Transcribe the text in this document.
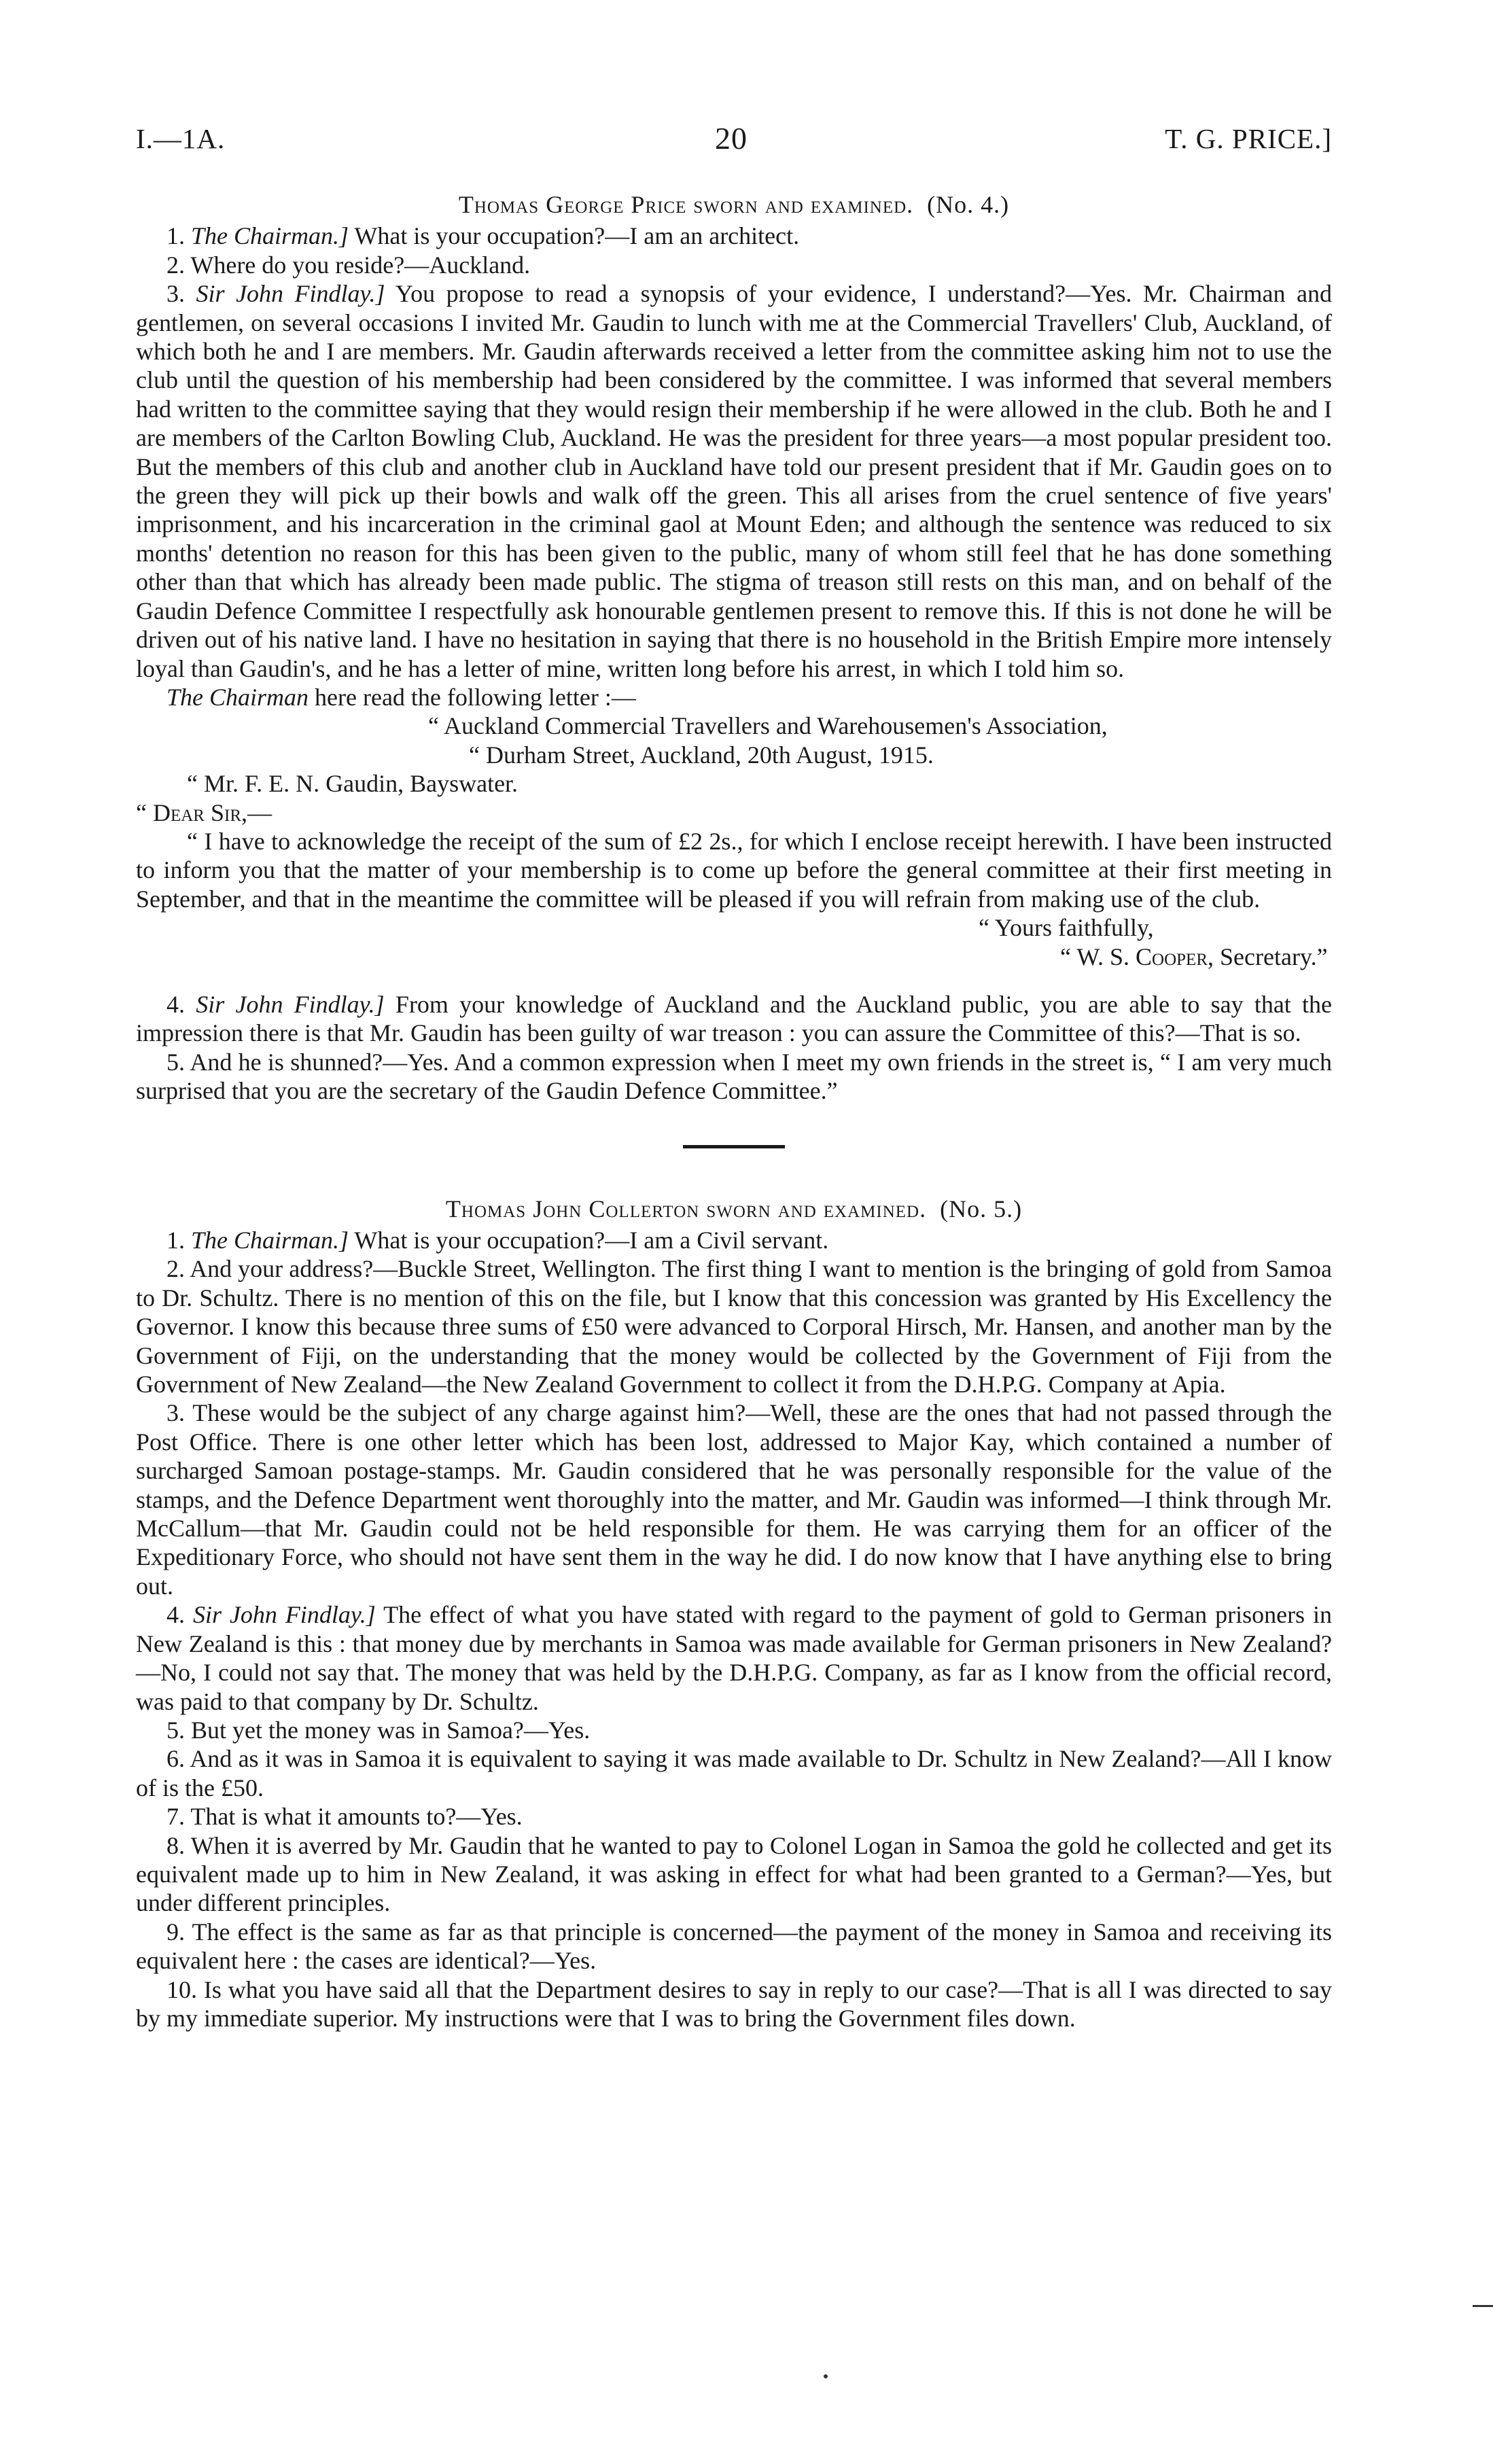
I.—1A.	20	T. G. PRICE.]
Thomas George Price sworn and examined. (No. 4.)

1. The Chairman.] What is your occupation?—I am an architect.

2. Where do you reside?—Auckland.

3. Sir John Findlay.] You propose to read a synopsis of your evidence, I understand?—Yes. Mr. Chairman and gentlemen, on several occasions I invited Mr. Gaudin to lunch with me at the Commercial Travellers' Club, Auckland, of which both he and I are members. Mr. Gaudin afterwards received a letter from the committee asking him not to use the club until the question of his membership had been considered by the committee. I was informed that several members had written to the committee saying that they would resign their membership if he were allowed in the club. Both he and I are members of the Carlton Bowling Club, Auckland. He was the president for three years—a most popular president too. But the members of this club and another club in Auckland have told our present president that if Mr. Gaudin goes on to the green they will pick up their bowls and walk off the green. This all arises from the cruel sentence of five years' imprisonment, and his incarceration in the criminal gaol at Mount Eden; and although the sentence was reduced to six months' detention no reason for this has been given to the public, many of whom still feel that he has done something other than that which has already been made public. The stigma of treason still rests on this man, and on behalf of the Gaudin Defence Committee I respectfully ask honourable gentlemen present to remove this. If this is not done he will be driven out of his native land. I have no hesitation in saying that there is no household in the British Empire more intensely loyal than Gaudin's, and he has a letter of mine, written long before his arrest, in which I told him so.

The Chairman here read the following letter :—

“ Auckland Commercial Travellers and Warehousemen's Association,
“ Durham Street, Auckland, 20th August, 1915.
“ Mr. F. E. N. Gaudin, Bayswater.
“ Dear Sir,—

“ I have to acknowledge the receipt of the sum of £2 2s., for which I enclose receipt herewith. I have been instructed to inform you that the matter of your membership is to come up before the general committee at their first meeting in September, and that in the meantime the committee will be pleased if you will refrain from making use of the club.

“ Yours faithfully,
“ W. S. Cooper, Secretary.”

4. Sir John Findlay.] From your knowledge of Auckland and the Auckland public, you are able to say that the impression there is that Mr. Gaudin has been guilty of war treason : you can assure the Committee of this?—That is so.

5. And he is shunned?—Yes. And a common expression when I meet my own friends in the street is, “ I am very much surprised that you are the secretary of the Gaudin Defence Committee.”

Thomas John Collerton sworn and examined. (No. 5.)

1. The Chairman.] What is your occupation?—I am a Civil servant.

2. And your address?—Buckle Street, Wellington. The first thing I want to mention is the bringing of gold from Samoa to Dr. Schultz. There is no mention of this on the file, but I know that this concession was granted by His Excellency the Governor. I know this because three sums of £50 were advanced to Corporal Hirsch, Mr. Hansen, and another man by the Government of Fiji, on the understanding that the money would be collected by the Government of Fiji from the Government of New Zealand—the New Zealand Government to collect it from the D.H.P.G. Company at Apia.

3. These would be the subject of any charge against him?—Well, these are the ones that had not passed through the Post Office. There is one other letter which has been lost, addressed to Major Kay, which contained a number of surcharged Samoan postage-stamps. Mr. Gaudin considered that he was personally responsible for the value of the stamps, and the Defence Department went thoroughly into the matter, and Mr. Gaudin was informed—I think through Mr. McCallum—that Mr. Gaudin could not be held responsible for them. He was carrying them for an officer of the Expeditionary Force, who should not have sent them in the way he did. I do now know that I have anything else to bring out.

4. Sir John Findlay.] The effect of what you have stated with regard to the payment of gold to German prisoners in New Zealand is this : that money due by merchants in Samoa was made available for German prisoners in New Zealand?—No, I could not say that. The money that was held by the D.H.P.G. Company, as far as I know from the official record, was paid to that company by Dr. Schultz.

5. But yet the money was in Samoa?—Yes.

6. And as it was in Samoa it is equivalent to saying it was made available to Dr. Schultz in New Zealand?—All I know of is the £50.

7. That is what it amounts to?—Yes.

8. When it is averred by Mr. Gaudin that he wanted to pay to Colonel Logan in Samoa the gold he collected and get its equivalent made up to him in New Zealand, it was asking in effect for what had been granted to a German?—Yes, but under different principles.

9. The effect is the same as far as that principle is concerned—the payment of the money in Samoa and receiving its equivalent here : the cases are identical?—Yes.

10. Is what you have said all that the Department desires to say in reply to our case?—That is all I was directed to say by my immediate superior. My instructions were that I was to bring the Government files down.
